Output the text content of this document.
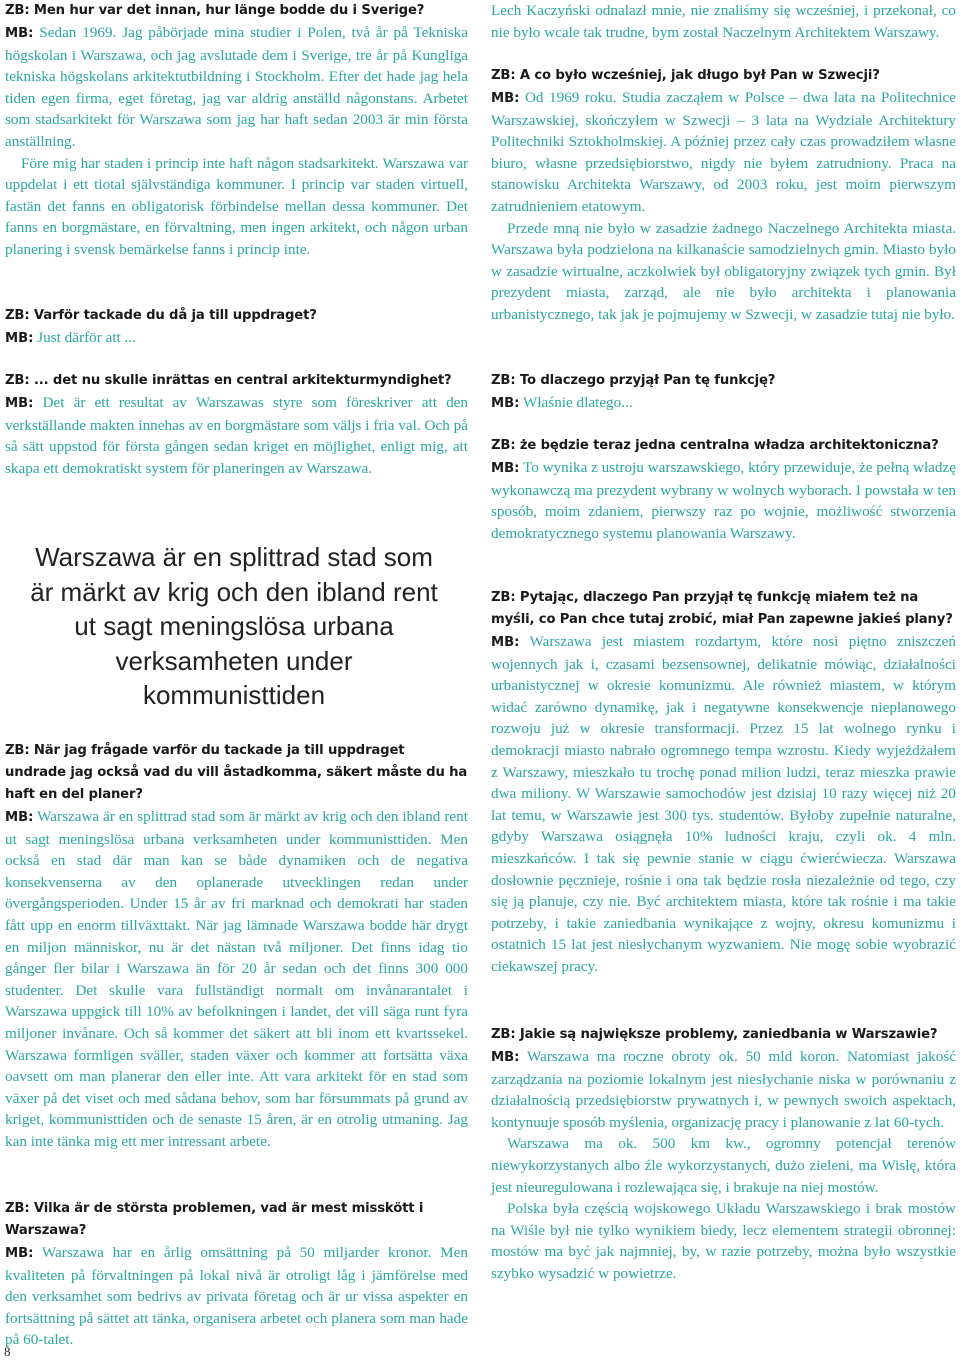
ZB: Men hur var det innan, hur länge bodde du i Sverige?

MB: Sedan 1969. Jag påbörjade mina studier i Polen, två år på Tekniska högskolan i Warszawa, och jag avslutade dem i Sverige, tre år på Kungliga tekniska högskolans arkitektutbildning i Stockholm. Efter det hade jag hela tiden egen firma, eget företag, jag var aldrig anställd någonstans. Arbetet som stadsarkitekt för Warszawa som jag har haft sedan 2003 är min första anställning.

Före mig har staden i princip inte haft någon stadsarkitekt. Warszawa var uppdelat i ett tiotal självständiga kommuner. I princip var staden virtuell, fastän det fanns en obligatorisk förbindelse mellan dessa kommuner. Det fanns en borgmästare, en förvaltning, men ingen arkitekt, och någon urban planering i svensk bemärkelse fanns i princip inte.

ZB: Varför tackade du då ja till uppdraget?

MB: Just därför att ...

ZB: ... det nu skulle inrättas en central arkitekturmyndighet?

MB: Det är ett resultat av Warszawas styre som föreskriver att den verkställande makten innehas av en borgmästare som väljs i fria val. Och på så sätt uppstod för första gången sedan kriget en möjlighet, enligt mig, att skapa ett demokratiskt system för planeringen av Warszawa.

ZB: När jag frågade varför du tackade ja till uppdraget undrade jag också vad du vill åstadkomma, säkert måste du ha haft en del planer?

MB: Warszawa är en splittrad stad som är märkt av krig och den ibland rent ut sagt meningslösa urbana verksamheten under kommunisttiden. Men också en stad där man kan se både dynamiken och de negativa konsekvenserna av den oplanerade utvecklingen redan under övergångsperioden. Under 15 år av fri marknad och demokrati har staden fått upp en enorm tillväxttakt. När jag lämnade Warszawa bodde här drygt en miljon människor, nu är det nästan två miljoner. Det finns idag tio gånger fler bilar i Warszawa än för 20 år sedan och det finns 300 000 studenter. Det skulle vara fullständigt normalt om invånarantalet i Warszawa uppgick till 10% av befolkningen i landet, det vill säga runt fyra miljoner invånare. Och så kommer det säkert att bli inom ett kvartssekel. Warszawa formligen sväller, staden växer och kommer att fortsätta växa oavsett om man planerar den eller inte. Att vara arkitekt för en stad som växer på det viset och med sådana behov, som har försummats på grund av kriget, kommunisttiden och de senaste 15 åren, är en otrolig utmaning. Jag kan inte tänka mig ett mer intressant arbete.

ZB: Vilka är de största problemen, vad är mest misskött i Warszawa?

MB: Warszawa har en årlig omsättning på 50 miljarder kronor. Men kvaliteten på förvaltningen på lokal nivå är otroligt låg i jämförelse med den verksamhet som bedrivs av privata företag och är ur vissa aspekter en fortsättning på sättet att tänka, organisera arbetet och planera som man hade på 60-talet.

Warszawa är en splittrad stad som är märkt av krig och den ibland rent ut sagt meningslösa urbana verksamheten under kommunisttiden

Lech Kaczyński odnalazł mnie, nie znaliśmy się wcześniej, i przekonał, co nie było wcale tak trudne, bym został Naczelnym Architektem Warszawy.

ZB: A co było wcześniej, jak długo był Pan w Szwecji?

MB: Od 1969 roku. Studia zacząłem w Polsce – dwa lata na Politechnice Warszawskiej, skończyłem w Szwecji – 3 lata na Wydziale Architektury Politechniki Sztokholmskiej. A później przez cały czas prowadziłem własne biuro, własne przedsiębiorstwo, nigdy nie byłem zatrudniony. Praca na stanowisku Architekta Warszawy, od 2003 roku, jest moim pierwszym zatrudnieniem etatowym.

Przede mną nie było w zasadzie żadnego Naczelnego Architekta miasta. Warszawa była podzielona na kilkanaście samodzielnych gmin. Miasto było w zasadzie wirtualne, aczkolwiek był obligatoryjny związek tych gmin. Był prezydent miasta, zarząd, ale nie było architekta i planowania urbanistycznego, tak jak je pojmujemy w Szwecji, w zasadzie tutaj nie było.

ZB: To dlaczego przyjął Pan tę funkcję?

MB: Właśnie dlatego...

ZB: że będzie teraz jedna centralna władza architektoniczna?

MB: To wynika z ustroju warszawskiego, który przewiduje, że pełną władzę wykonawczą ma prezydent wybrany w wolnych wyborach. I powstała w ten sposób, moim zdaniem, pierwszy raz po wojnie, możliwość stworzenia demokratycznego systemu planowania Warszawy.

ZB: Pytając, dlaczego Pan przyjął tę funkcję miałem też na myśli, co Pan chce tutaj zrobić, miał Pan zapewne jakieś plany?

MB: Warszawa jest miastem rozdartym, które nosi piętno zniszczeń wojennych jak i, czasami bezsensownej, delikatnie mówiąc, działalności urbanistycznej w okresie komunizmu. Ale również miastem, w którym widać zarówno dynamikę, jak i negatywne konsekwencje nieplanowego rozwoju już w okresie transformacji. Przez 15 lat wolnego rynku i demokracji miasto nabrało ogromnego tempa wzrostu. Kiedy wyjeżdżałem z Warszawy, mieszkało tu trochę ponad milion ludzi, teraz mieszka prawie dwa miliony. W Warszawie samochodów jest dzisiaj 10 razy więcej niż 20 lat temu, w Warszawie jest 300 tys. studentów. Byłoby zupełnie naturalne, gdyby Warszawa osiągnęła 10% ludności kraju, czyli ok. 4 mln. mieszkańców. I tak się pewnie stanie w ciągu ćwierćwiecza. Warszawa dosłownie pęcznieje, rośnie i ona tak będzie rosła niezależnie od tego, czy się ją planuje, czy nie. Być architektem miasta, które tak rośnie i ma takie potrzeby, i takie zaniedbania wynikające z wojny, okresu komunizmu i ostatnich 15 lat jest niesłychanym wyzwaniem. Nie mogę sobie wyobrazić ciekawszej pracy.

ZB: Jakie są największe problemy, zaniedbania w Warszawie?

MB: Warszawa ma roczne obroty ok. 50 mld koron. Natomiast jakość zarządzania na poziomie lokalnym jest niesłychanie niska w porównaniu z działalnością przedsiębiorstw prywatnych i, w pewnych swoich aspektach, kontynuuje sposób myślenia, organizację pracy i planowanie z lat 60-tych.

Warszawa ma ok. 500 km kw., ogromny potencjał terenów niewykorzystanych albo źle wykorzystanych, dużo zieleni, ma Wisłę, która jest nieuregulowana i rozlewająca się, i brakuje na niej mostów.

Polska była częścią wojskowego Układu Warszawskiego i brak mostów na Wiśle był nie tylko wynikiem biedy, lecz elementem strategii obronnej: mostów ma być jak najmniej, by, w razie potrzeby, można było wszystkie szybko wysadzić w powietrze.

8
